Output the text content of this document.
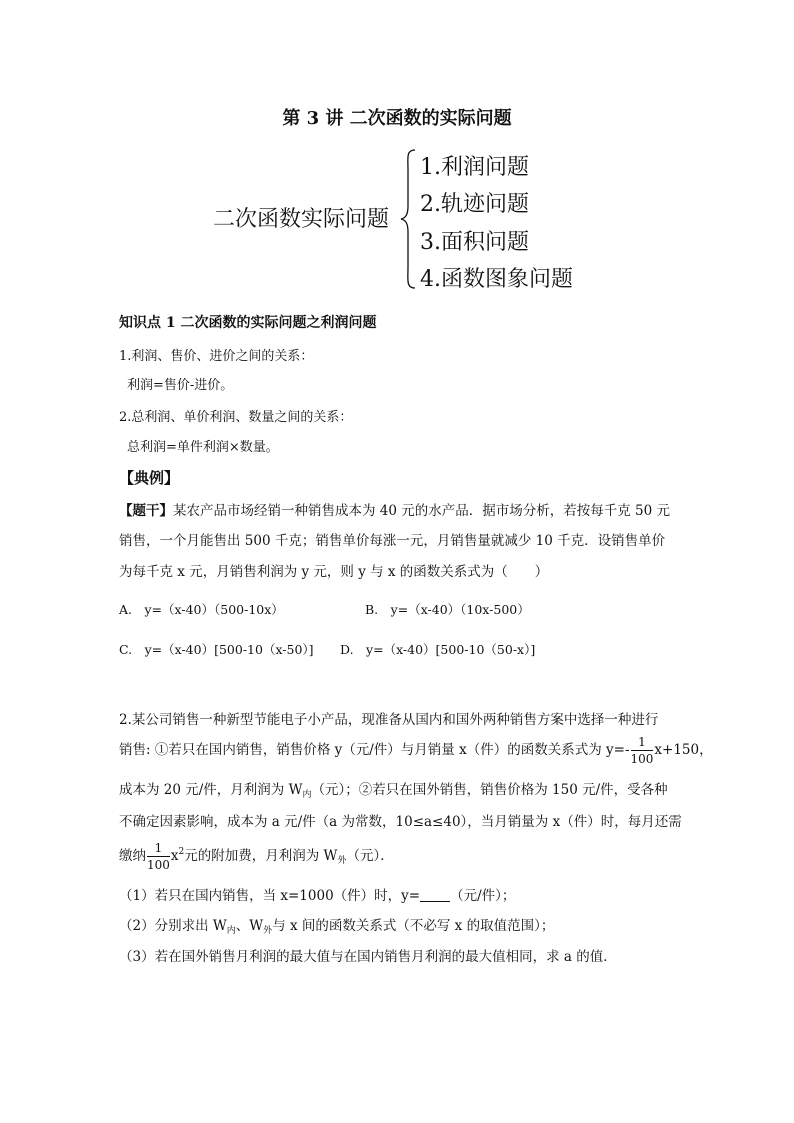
第 3 讲 二次函数的实际问题
二次函数实际问题
1.利润问题
2.轨迹问题
3.面积问题
4.函数图象问题
知识点 1 二次函数的实际问题之利润问题
1.利润、售价、进价之间的关系：
利润=售价-进价。
2.总利润、单价利润、数量之间的关系：
总利润=单件利润×数量。
【典例】
【题干】某农产品市场经销一种销售成本为 40 元的水产品．据市场分析，若按每千克 50 元
销售，一个月能售出 500 千克；销售单价每涨一元，月销售量就减少 10 千克．设销售单价
为每千克 x 元，月销售利润为 y 元，则 y 与 x 的函数关系式为（　　）
A.　y=（x-40）（500-10x）	B.　y=（x-40）（10x-500）
C.　y=（x-40）[500-10（x-50）] D.　y=（x-40）[500-10（50-x）]
2.某公司销售一种新型节能电子小产品，现准备从国内和国外两种销售方案中选择一种进行
销售: ①若只在国内销售，销售价格 y（元/件）与月销量 x（件）的函数关系式为 $y=- \frac{1}{100} x+150$，
成本为 20 元/件，月利润为 $W_内$（元）；②若只在国外销售，销售价格为 150 元/件，受各种
不确定因素影响，成本为 a 元/件（a 为常数，10≤a≤40），当月销量为 x（件）时，每月还需
缴纳 $\frac{1}{100} x^2$元的附加费，月利润为 $W_外$（元）．
（1）若只在国内销售，当 x=1000（件）时，y= （元/件）；
（2）分别求出 $W_内$、$W_外$与 x 间的函数关系式（不必写 x 的取值范围）；
（3）若在国外销售月利润的最大值与在国内销售月利润的最大值相同，求 a 的值．
